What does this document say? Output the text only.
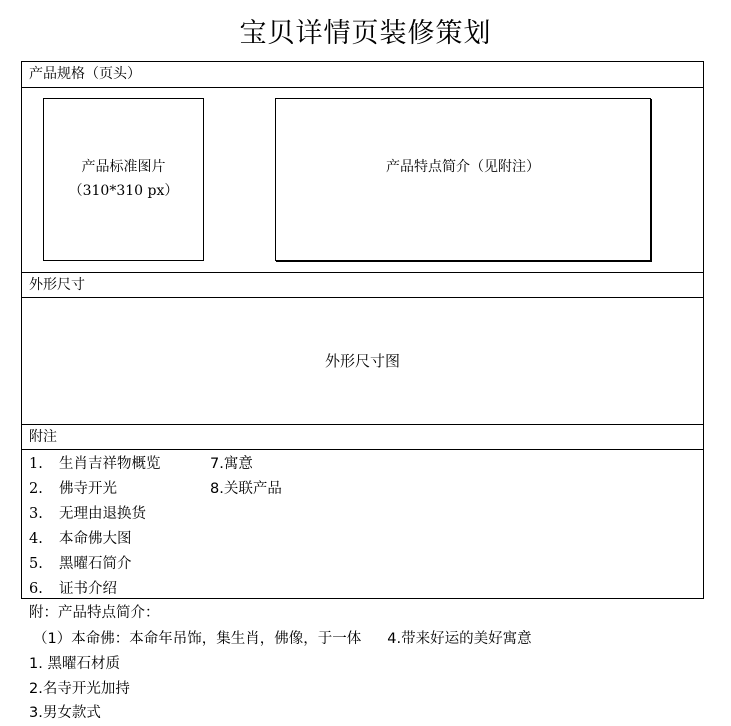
宝贝详情页装修策划
产品规格（页头）
产品标准图片
（310*310 px）
产品特点简介（见附注）
外形尺寸
外形尺寸图
附注
1. 生肖吉祥物概览
2. 佛寺开光
3. 无理由退换货
4. 本命佛大图
5. 黑曜石简介
6. 证书介绍
7.寓意
8.关联产品
附：产品特点简介：
（1）本命佛：本命年吊饰，集生肖，佛像，于一体 4.带来好运的美好寓意
1. 黑曜石材质
2.名寺开光加持
3.男女款式
